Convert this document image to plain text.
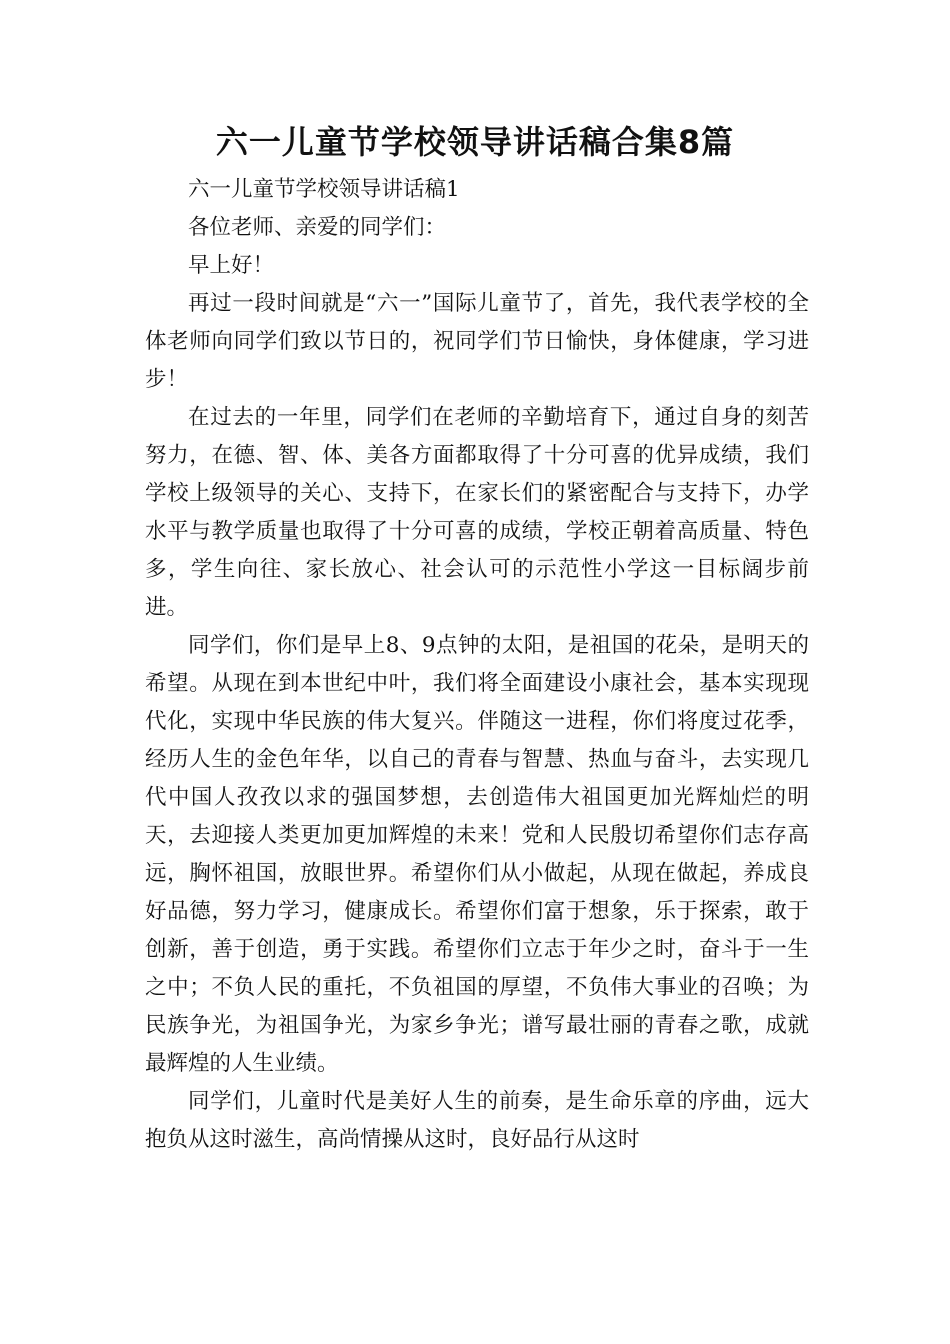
六一儿童节学校领导讲话稿合集8篇

六一儿童节学校领导讲话稿1

各位老师、亲爱的同学们：

早上好！

再过一段时间就是“六一”国际儿童节了，首先，我代表学校的全体老师向同学们致以节日的，祝同学们节日愉快，身体健康，学习进步！

在过去的一年里，同学们在老师的辛勤培育下，通过自身的刻苦努力，在德、智、体、美各方面都取得了十分可喜的优异成绩，我们学校上级领导的关心、支持下，在家长们的紧密配合与支持下，办学水平与教学质量也取得了十分可喜的成绩，学校正朝着高质量、特色多，学生向往、家长放心、社会认可的示范性小学这一目标阔步前进。

同学们，你们是早上8、9点钟的太阳，是祖国的花朵，是明天的希望。从现在到本世纪中叶，我们将全面建设小康社会，基本实现现代化，实现中华民族的伟大复兴。伴随这一进程，你们将度过花季，经历人生的金色年华，以自己的青春与智慧、热血与奋斗，去实现几代中国人孜孜以求的强国梦想，去创造伟大祖国更加光辉灿烂的明天，去迎接人类更加更加辉煌的未来！党和人民殷切希望你们志存高远，胸怀祖国，放眼世界。希望你们从小做起，从现在做起，养成良好品德，努力学习，健康成长。希望你们富于想象，乐于探索，敢于创新，善于创造，勇于实践。希望你们立志于年少之时，奋斗于一生之中；不负人民的重托，不负祖国的厚望，不负伟大事业的召唤；为民族争光，为祖国争光，为家乡争光；谱写最壮丽的青春之歌，成就最辉煌的人生业绩。

同学们，儿童时代是美好人生的前奏，是生命乐章的序曲，远大抱负从这时滋生，高尚情操从这时，良好品行从这时
